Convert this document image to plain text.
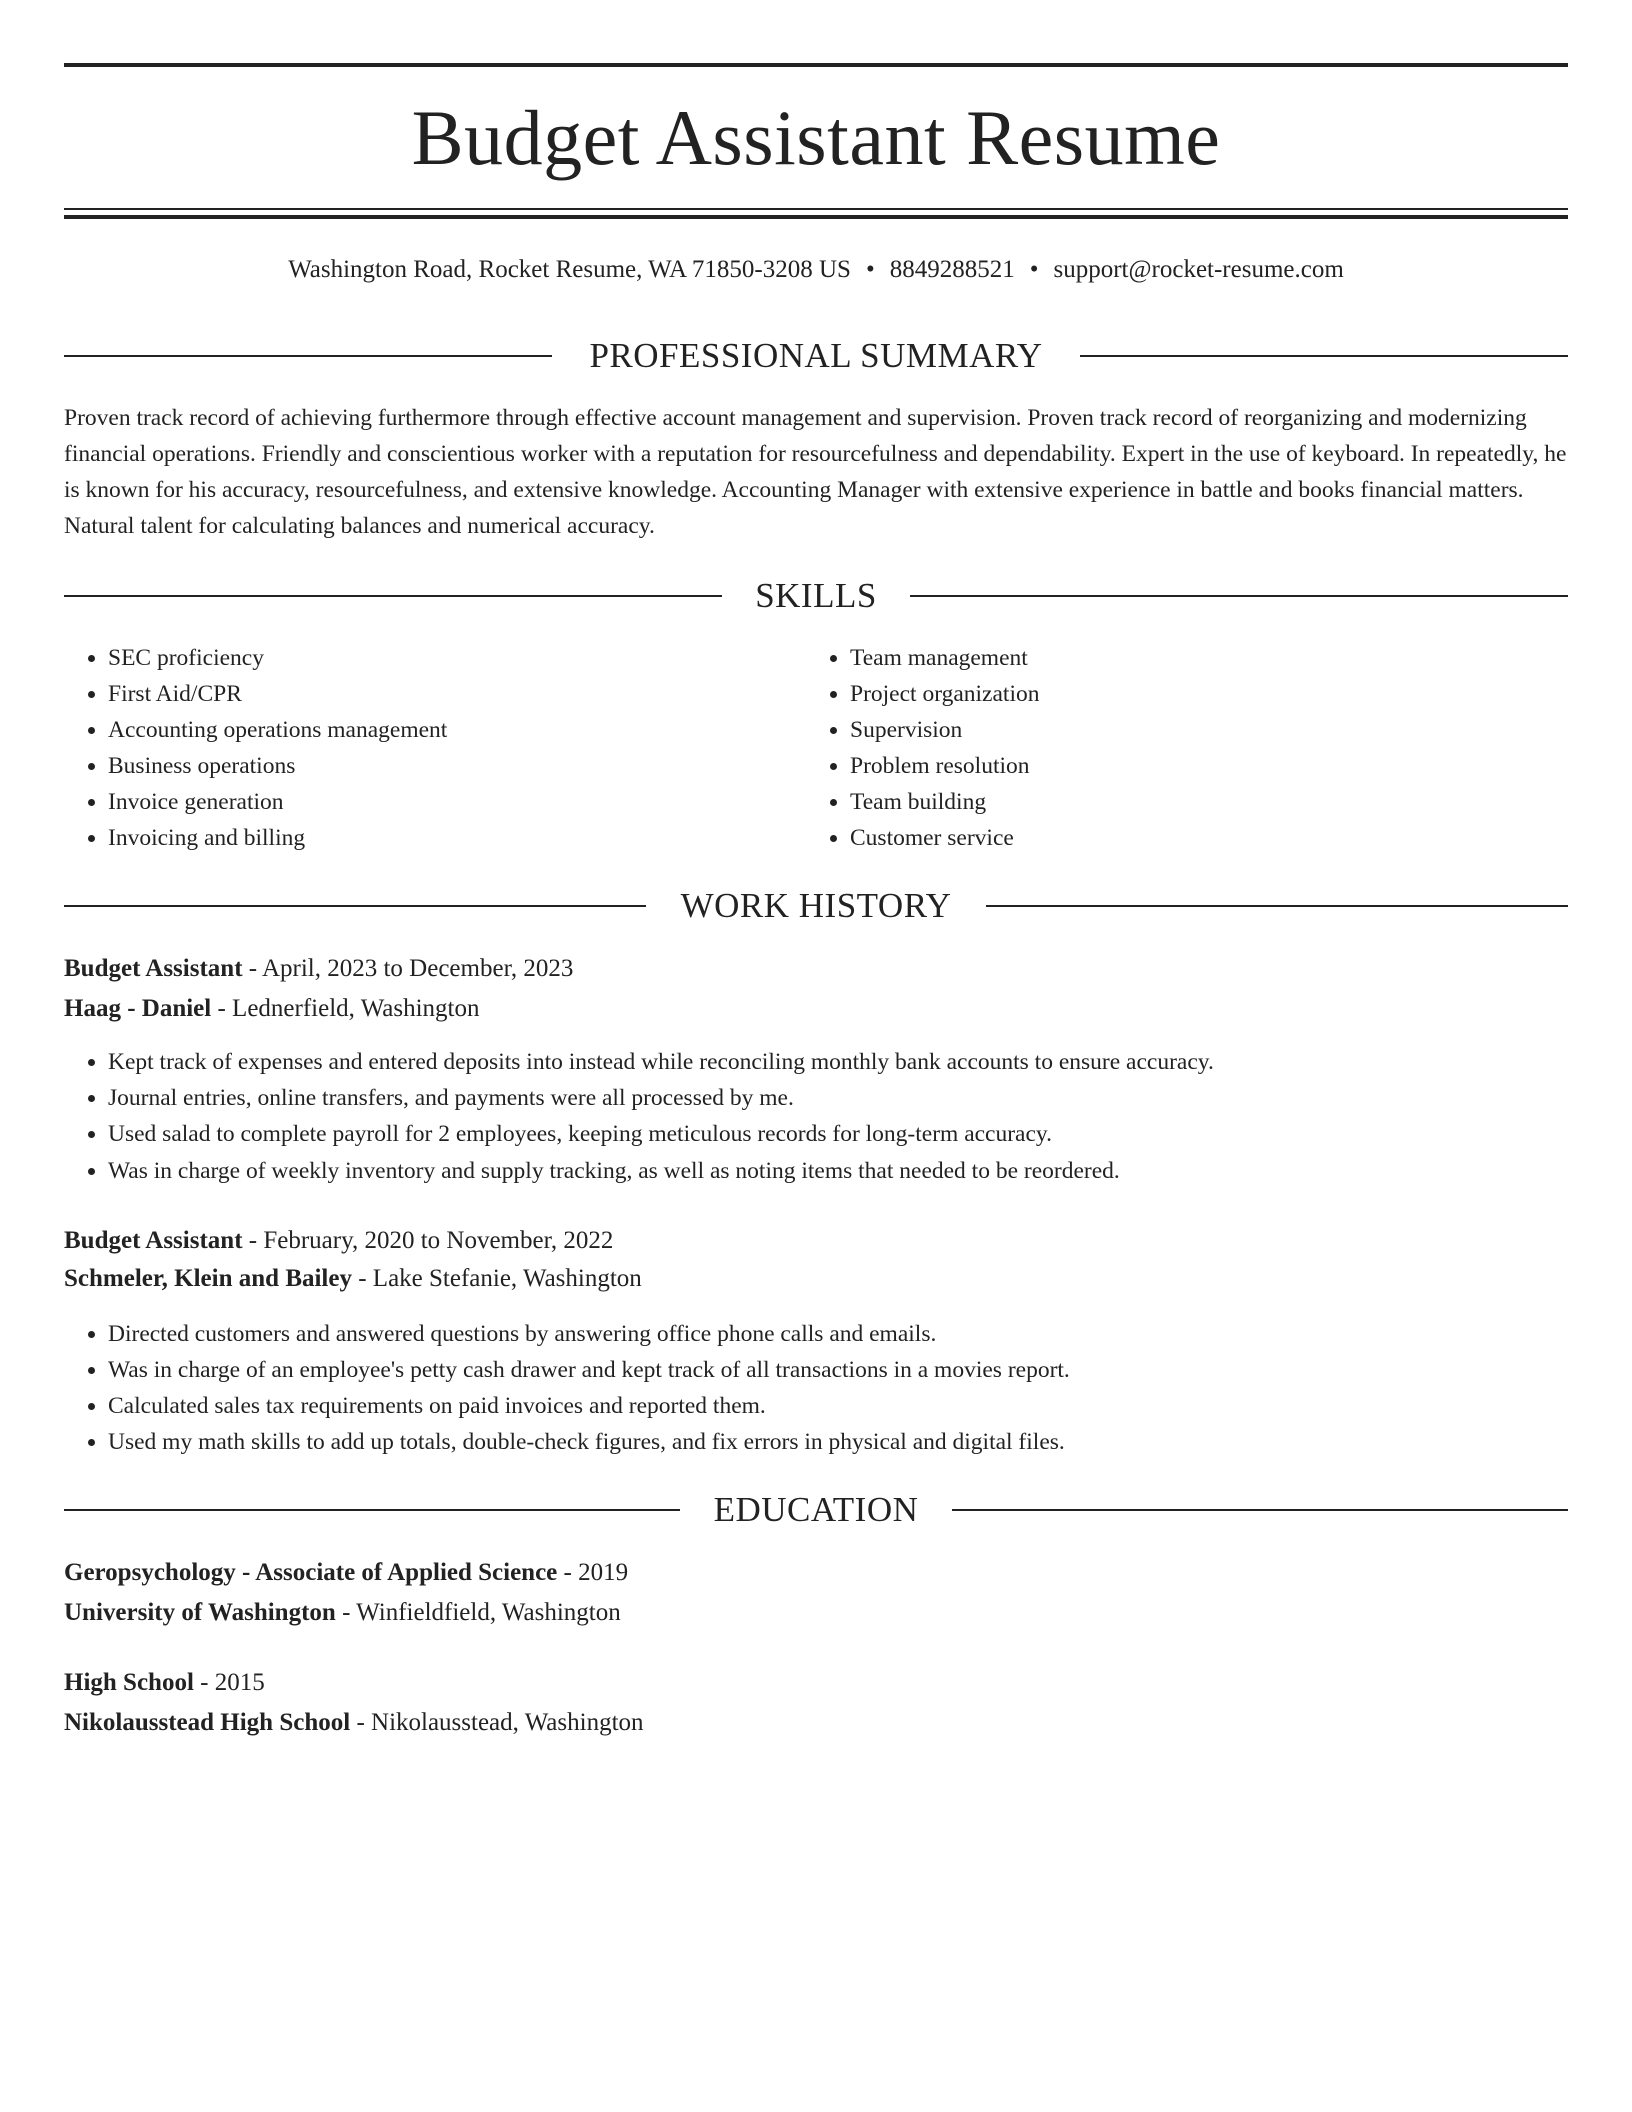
Budget Assistant Resume
Washington Road, Rocket Resume, WA 71850-3208 US • 8849288521 • support@rocket-resume.com
PROFESSIONAL SUMMARY
Proven track record of achieving furthermore through effective account management and supervision. Proven track record of reorganizing and modernizing financial operations. Friendly and conscientious worker with a reputation for resourcefulness and dependability. Expert in the use of keyboard. In repeatedly, he is known for his accuracy, resourcefulness, and extensive knowledge. Accounting Manager with extensive experience in battle and books financial matters. Natural talent for calculating balances and numerical accuracy.
SKILLS
• SEC proficiency
• First Aid/CPR
• Accounting operations management
• Business operations
• Invoice generation
• Invoicing and billing
• Team management
• Project organization
• Supervision
• Problem resolution
• Team building
• Customer service
WORK HISTORY
Budget Assistant - April, 2023 to December, 2023
Haag - Daniel - Lednerfield, Washington
• Kept track of expenses and entered deposits into instead while reconciling monthly bank accounts to ensure accuracy.
• Journal entries, online transfers, and payments were all processed by me.
• Used salad to complete payroll for 2 employees, keeping meticulous records for long-term accuracy.
• Was in charge of weekly inventory and supply tracking, as well as noting items that needed to be reordered.
Budget Assistant - February, 2020 to November, 2022
Schmeler, Klein and Bailey - Lake Stefanie, Washington
• Directed customers and answered questions by answering office phone calls and emails.
• Was in charge of an employee's petty cash drawer and kept track of all transactions in a movies report.
• Calculated sales tax requirements on paid invoices and reported them.
• Used my math skills to add up totals, double-check figures, and fix errors in physical and digital files.
EDUCATION
Geropsychology - Associate of Applied Science - 2019
University of Washington - Winfieldfield, Washington
High School - 2015
Nikolausstead High School - Nikolausstead, Washington
